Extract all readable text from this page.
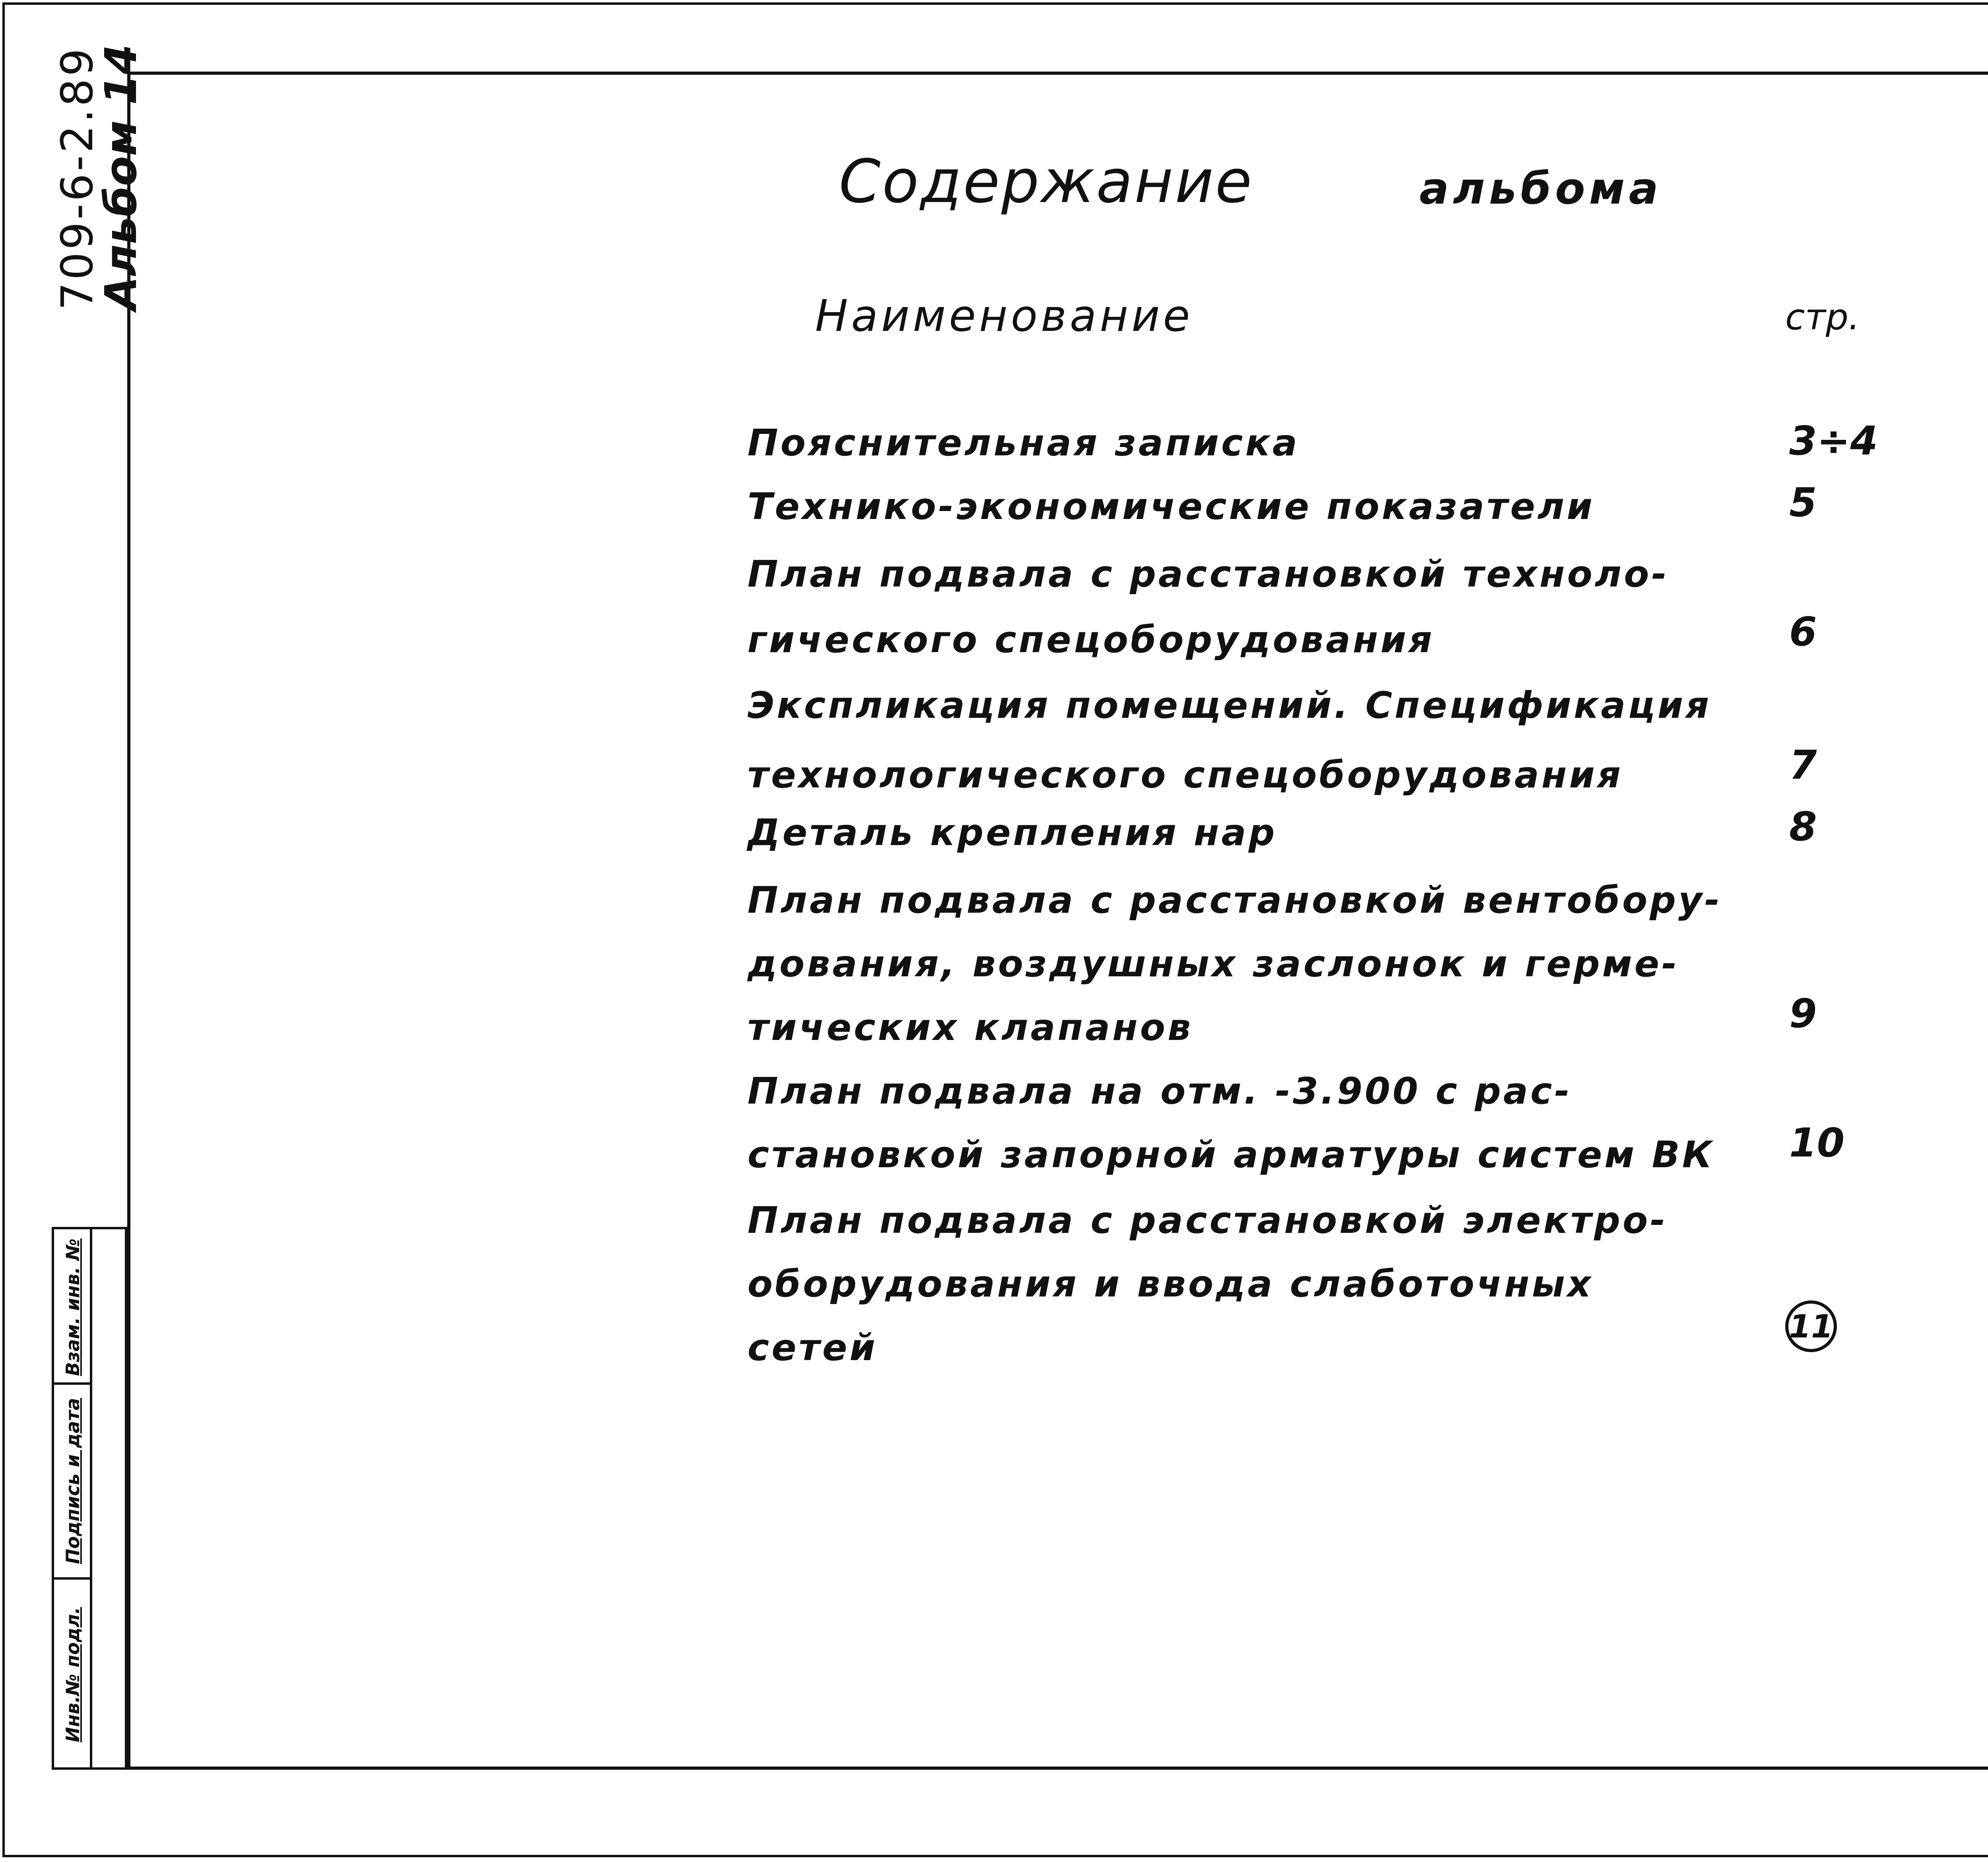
709-6-2.89
Альбом 14
Инв.№ подл.
Подпись и дата
Взам. инв. №
Содержание	альбома
Наименование	стр.
Пояснительная записка	3÷4
Технико-экономические показатели	5
План подвала с расстановкой техноло-
гического спецоборудования	6
Экспликация помещений. Спецификация
технологического спецоборудования	7
Деталь крепления нар	8
План подвала с расстановкой вентобору-
дования, воздушных заслонок и герме-
тических клапанов	9
План подвала на отм. -3.900 с рас-
становкой запорной арматуры систем ВК 10
План подвала с расстановкой электро-
оборудования и ввода слаботочных
сетей	11
